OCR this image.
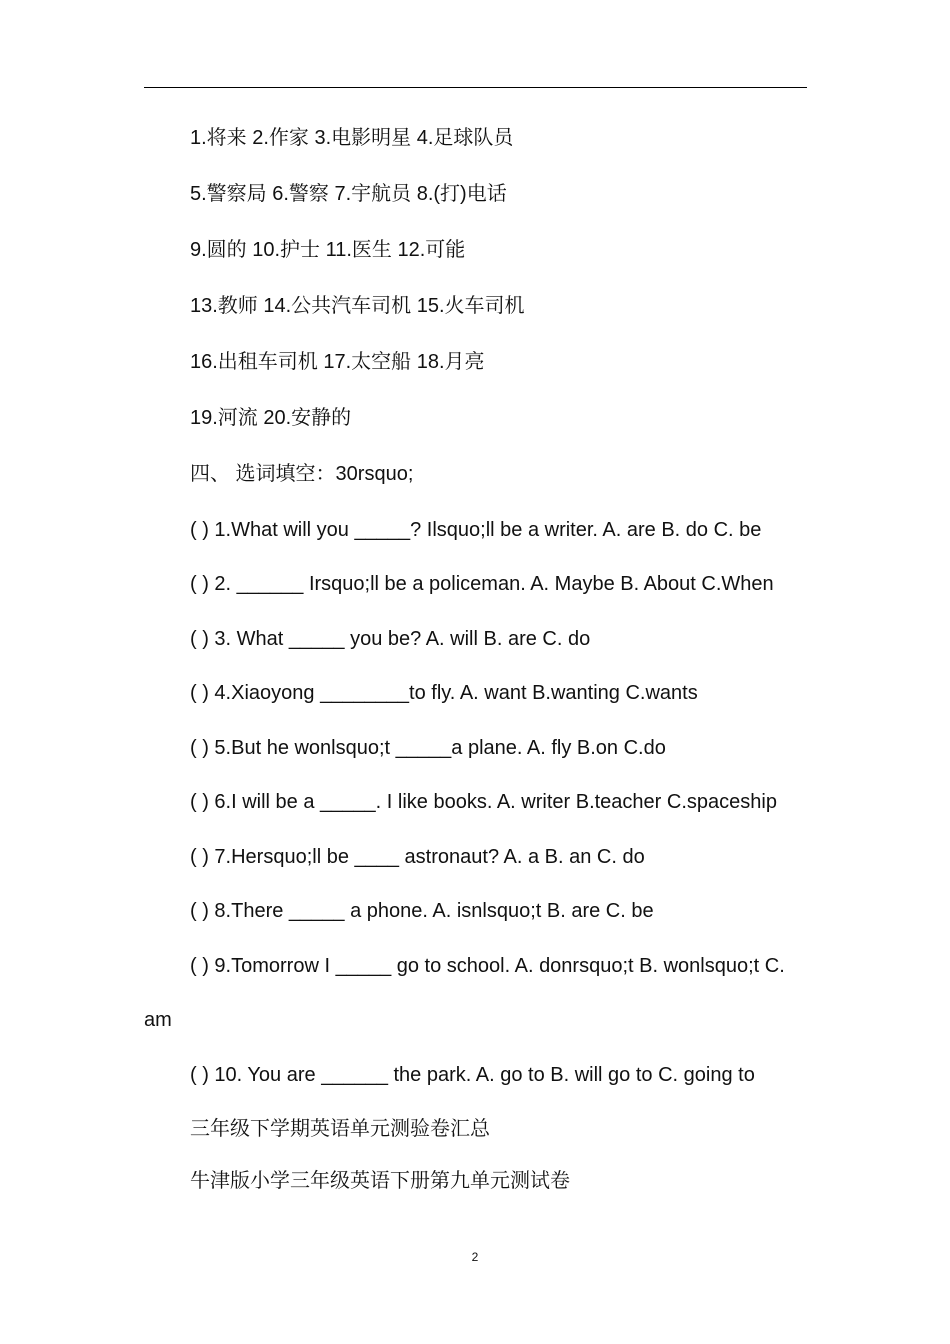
1.将来 2.作家 3.电影明星 4.足球队员
5.警察局 6.警察 7.宇航员 8.(打)电话
9.圆的 10.护士 11.医生 12.可能
13.教师 14.公共汽车司机 15.火车司机
16.出租车司机 17.太空船 18.月亮
19.河流 20.安静的
四、 选词填空：30rsquo;
( ) 1.What will you _____? Ilsquo;ll be a writer. A. are B. do C. be
( ) 2. ______ Irsquo;ll be a policeman. A. Maybe B. About C.When
( ) 3. What _____ you be? A. will B. are C. do
( ) 4.Xiaoyong ________to fly. A. want B.wanting C.wants
( ) 5.But he wonlsquo;t _____a plane. A. fly B.on C.do
( ) 6.I will be a _____. I like books. A. writer B.teacher C.spaceship
( ) 7.Hersquo;ll be ____ astronaut? A. a B. an C. do
( ) 8.There _____ a phone. A. isnlsquo;t B. are C. be
( ) 9.Tomorrow I _____ go to school. A. donrsquo;t B. wonlsquo;t C.
am
( ) 10. You are ______ the park. A. go to B. will go to C. going to
三年级下学期英语单元测验卷汇总
牛津版小学三年级英语下册第九单元测试卷
2
